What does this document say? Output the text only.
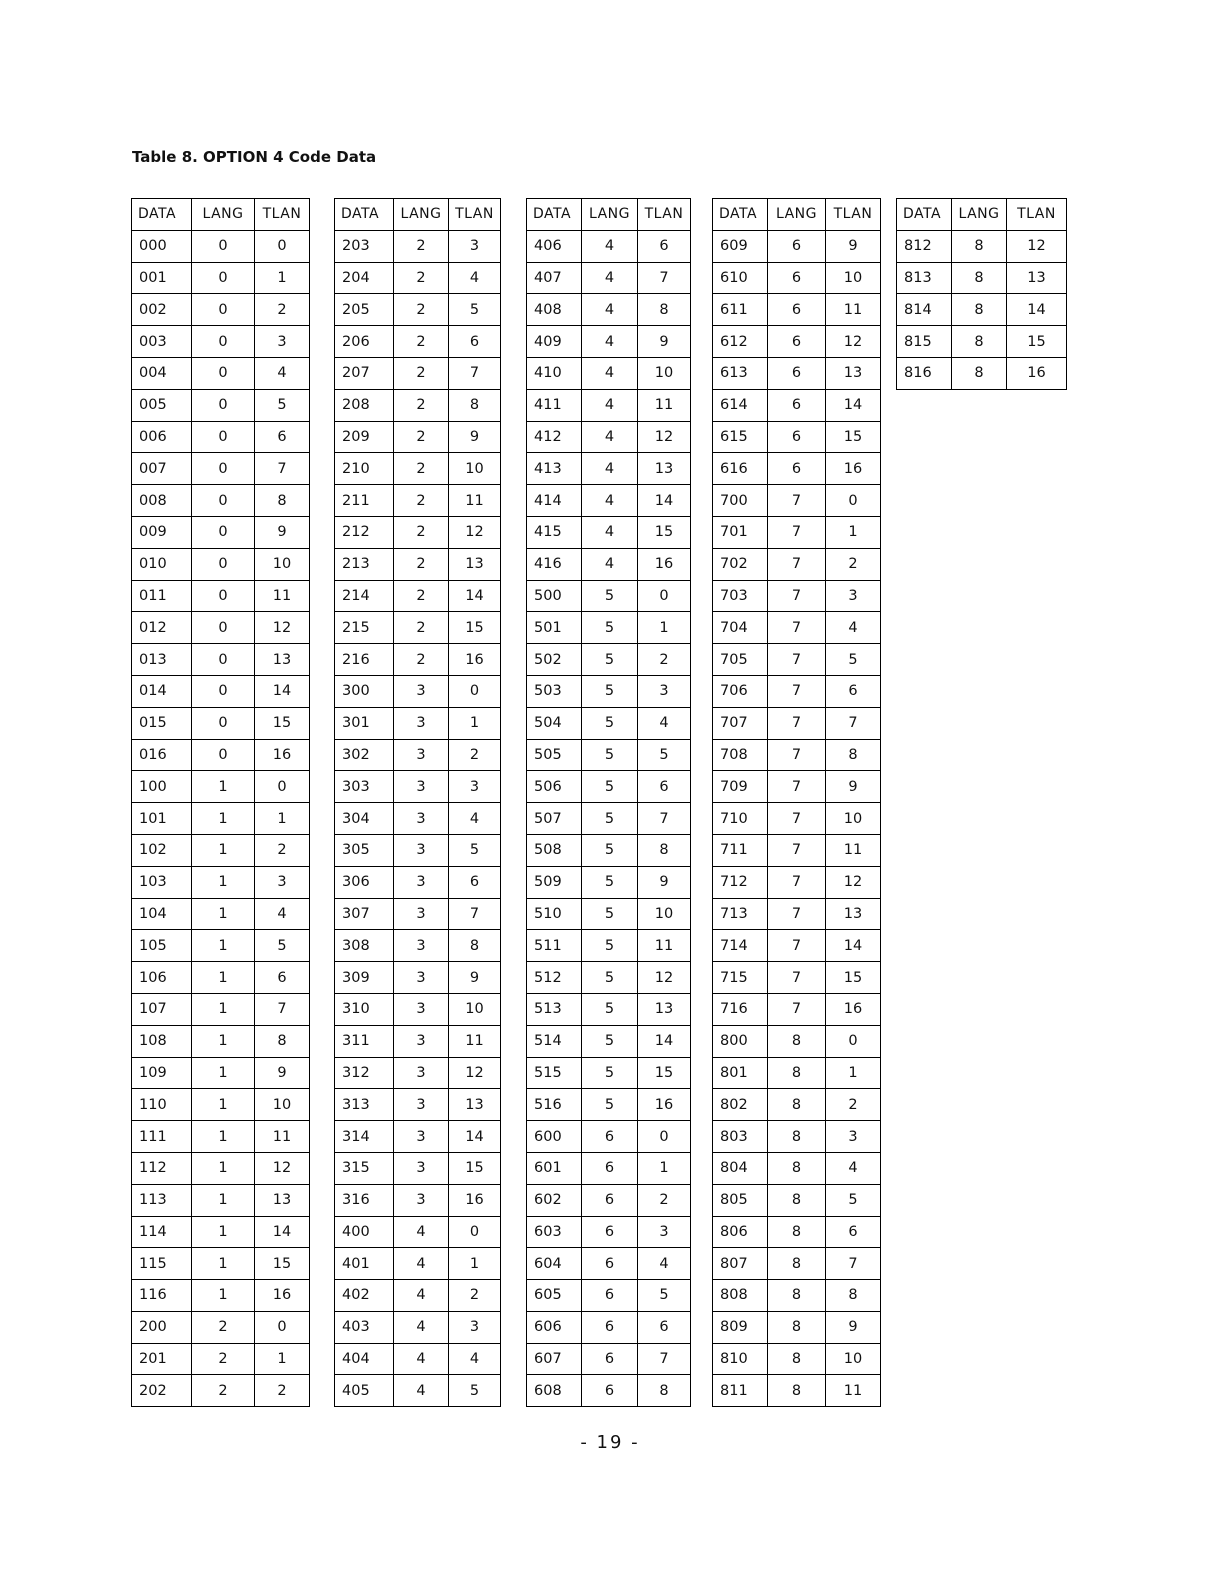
Table 8. OPTION 4 Code Data
DATA	LANG	TLAN
000	0	0
001	0	1
002	0	2
003	0	3
004	0	4
005	0	5
006	0	6
007	0	7
008	0	8
009	0	9
010	0	10
011	0	11
012	0	12
013	0	13
014	0	14
015	0	15
016	0	16
100	1	0
101	1	1
102	1	2
103	1	3
104	1	4
105	1	5
106	1	6
107	1	7
108	1	8
109	1	9
110	1	10
111	1	11
112	1	12
113	1	13
114	1	14
115	1	15
116	1	16
200	2	0
201	2	1
202	2	2

DATA	LANG	TLAN
203	2	3
204	2	4
205	2	5
206	2	6
207	2	7
208	2	8
209	2	9
210	2	10
211	2	11
212	2	12
213	2	13
214	2	14
215	2	15
216	2	16
300	3	0
301	3	1
302	3	2
303	3	3
304	3	4
305	3	5
306	3	6
307	3	7
308	3	8
309	3	9
310	3	10
311	3	11
312	3	12
313	3	13
314	3	14
315	3	15
316	3	16
400	4	0
401	4	1
402	4	2
403	4	3
404	4	4
405	4	5

DATA	LANG	TLAN
406	4	6
407	4	7
408	4	8
409	4	9
410	4	10
411	4	11
412	4	12
413	4	13
414	4	14
415	4	15
416	4	16
500	5	0
501	5	1
502	5	2
503	5	3
504	5	4
505	5	5
506	5	6
507	5	7
508	5	8
509	5	9
510	5	10
511	5	11
512	5	12
513	5	13
514	5	14
515	5	15
516	5	16
600	6	0
601	6	1
602	6	2
603	6	3
604	6	4
605	6	5
606	6	6
607	6	7
608	6	8

DATA	LANG	TLAN
609	6	9
610	6	10
611	6	11
612	6	12
613	6	13
614	6	14
615	6	15
616	6	16
700	7	0
701	7	1
702	7	2
703	7	3
704	7	4
705	7	5
706	7	6
707	7	7
708	7	8
709	7	9
710	7	10
711	7	11
712	7	12
713	7	13
714	7	14
715	7	15
716	7	16
800	8	0
801	8	1
802	8	2
803	8	3
804	8	4
805	8	5
806	8	6
807	8	7
808	8	8
809	8	9
810	8	10
811	8	11

DATA	LANG	TLAN
812	8	12
813	8	13
814	8	14
815	8	15
816	8	16
- 19 -
